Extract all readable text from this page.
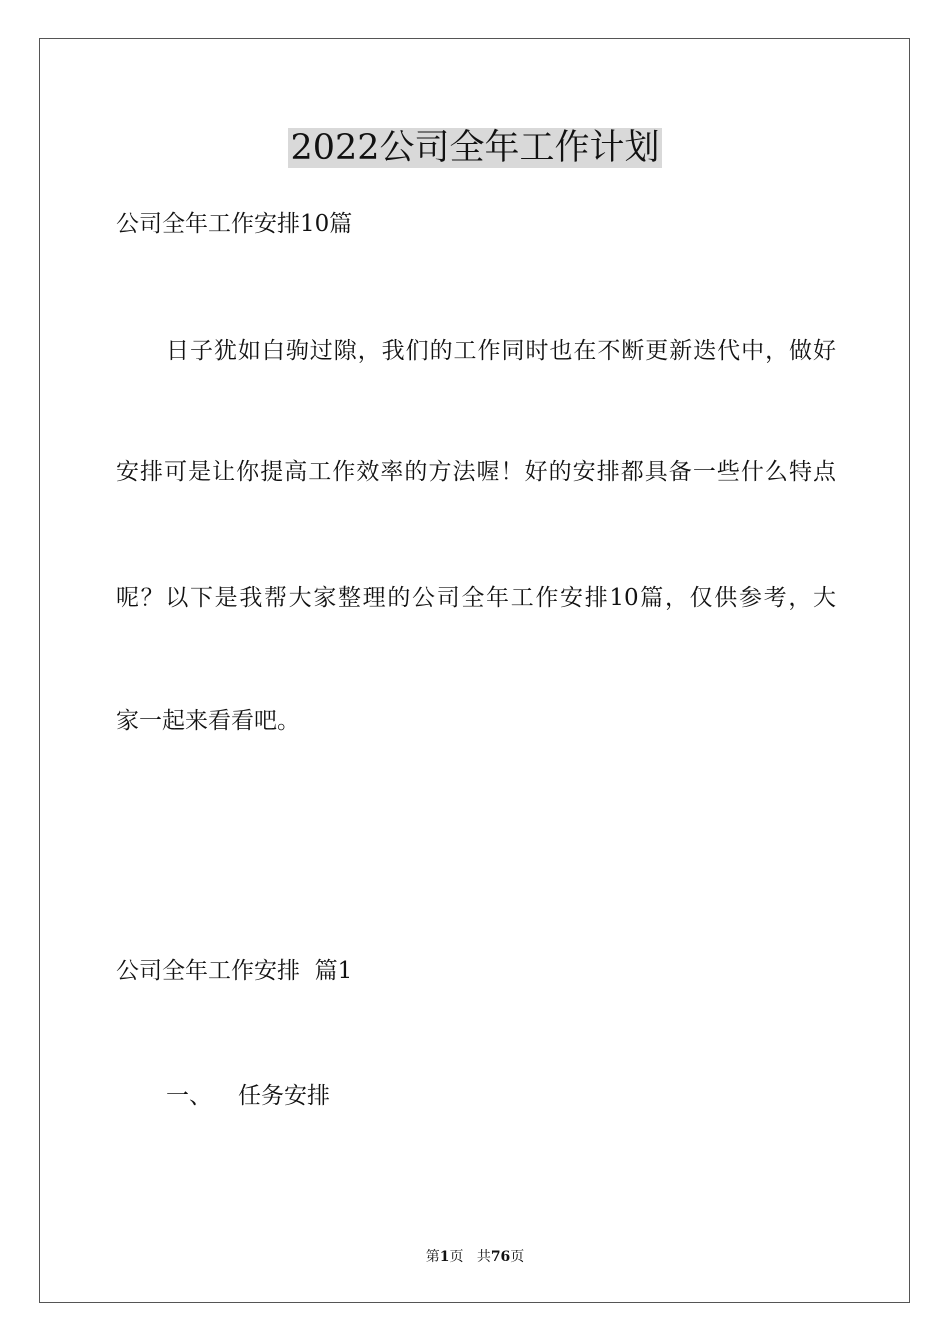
2022公司全年工作计划
公司全年工作安排10篇
日子犹如白驹过隙，我们的工作同时也在不断更新迭代中，做好
安排可是让你提高工作效率的方法喔！好的安排都具备一些什么特点
呢？以下是我帮大家整理的公司全年工作安排10篇，仅供参考，大
家一起来看看吧。
公司全年工作安排  篇1
一、 任务安排
第1页 共76页
